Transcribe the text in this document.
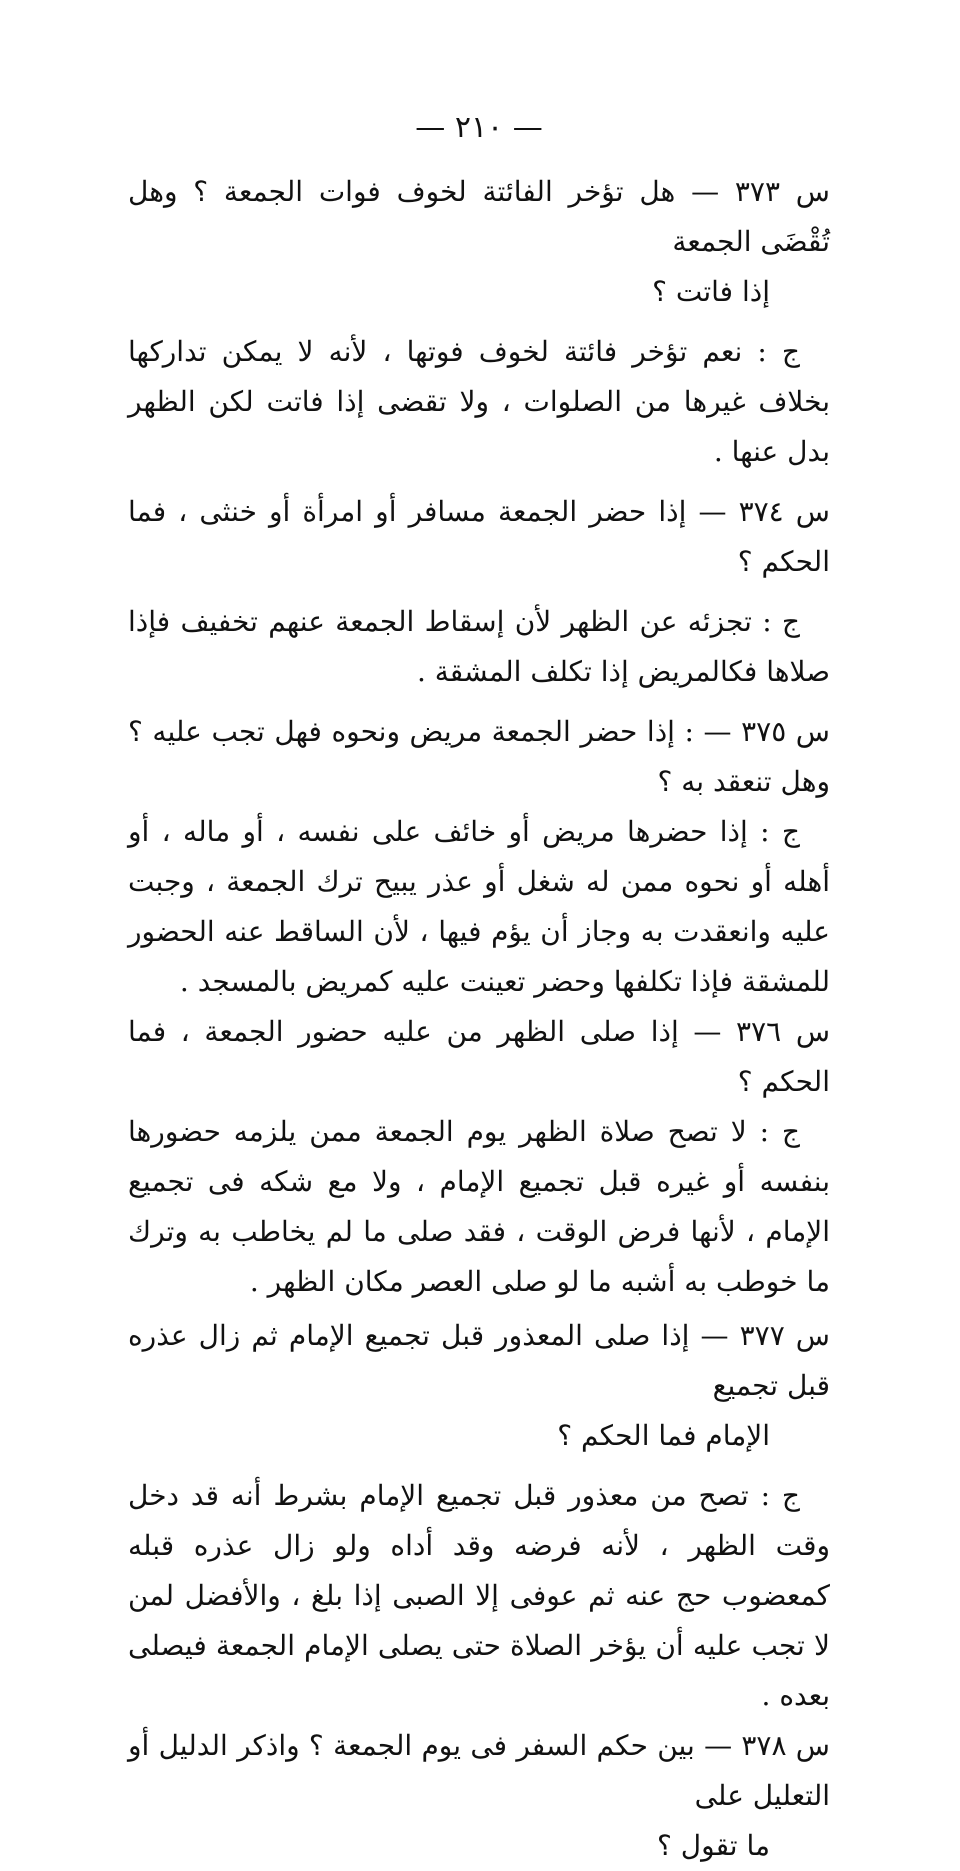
— ٢١٠ —

س ٣٧٣ — هل تؤخر الفائتة لخوف فوات الجمعة ؟ وهل تُقْضَى الجمعة
إذا فاتت ؟

ج : نعم تؤخر فائتة لخوف فوتها ، لأنه لا يمكن تداركها بخلاف غيرها من الصلوات ، ولا تقضى إذا فاتت لكن الظهر بدل عنها .

س ٣٧٤ — إذا حضر الجمعة مسافر أو امرأة أو خنثى ، فما الحكم ؟

ج : تجزئه عن الظهر لأن إسقاط الجمعة عنهم تخفيف فإذا صلاها فكالمريض إذا تكلف المشقة .

س ٣٧٥ — : إذا حضر الجمعة مريض ونحوه فهل تجب عليه ؟ وهل تنعقد به ؟

ج : إذا حضرها مريض أو خائف على نفسه ، أو ماله ، أو أهله أو نحوه ممن له شغل أو عذر يبيح ترك الجمعة ، وجبت عليه وانعقدت به وجاز أن يؤم فيها ، لأن الساقط عنه الحضور للمشقة فإذا تكلفها وحضر تعينت عليه كمريض بالمسجد .

س ٣٧٦ — إذا صلى الظهر من عليه حضور الجمعة ، فما الحكم ؟

ج : لا تصح صلاة الظهر يوم الجمعة ممن يلزمه حضورها بنفسه أو غيره قبل تجميع الإمام ، ولا مع شكه فى تجميع الإمام ، لأنها فرض الوقت ، فقد صلى ما لم يخاطب به وترك ما خوطب به أشبه ما لو صلى العصر مكان الظهر .

س ٣٧٧ — إذا صلى المعذور قبل تجميع الإمام ثم زال عذره قبل تجميع
الإمام فما الحكم ؟

ج : تصح من معذور قبل تجميع الإمام بشرط أنه قد دخل وقت الظهر ، لأنه فرضه وقد أداه ولو زال عذره قبله كمعضوب حج عنه ثم عوفى إلا الصبى إذا بلغ ، والأفضل لمن لا تجب عليه أن يؤخر الصلاة حتى يصلى الإمام الجمعة فيصلى بعده .

س ٣٧٨ — بين حكم السفر فى يوم الجمعة ؟ واذكر الدليل أو التعليل على
ما تقول ؟
